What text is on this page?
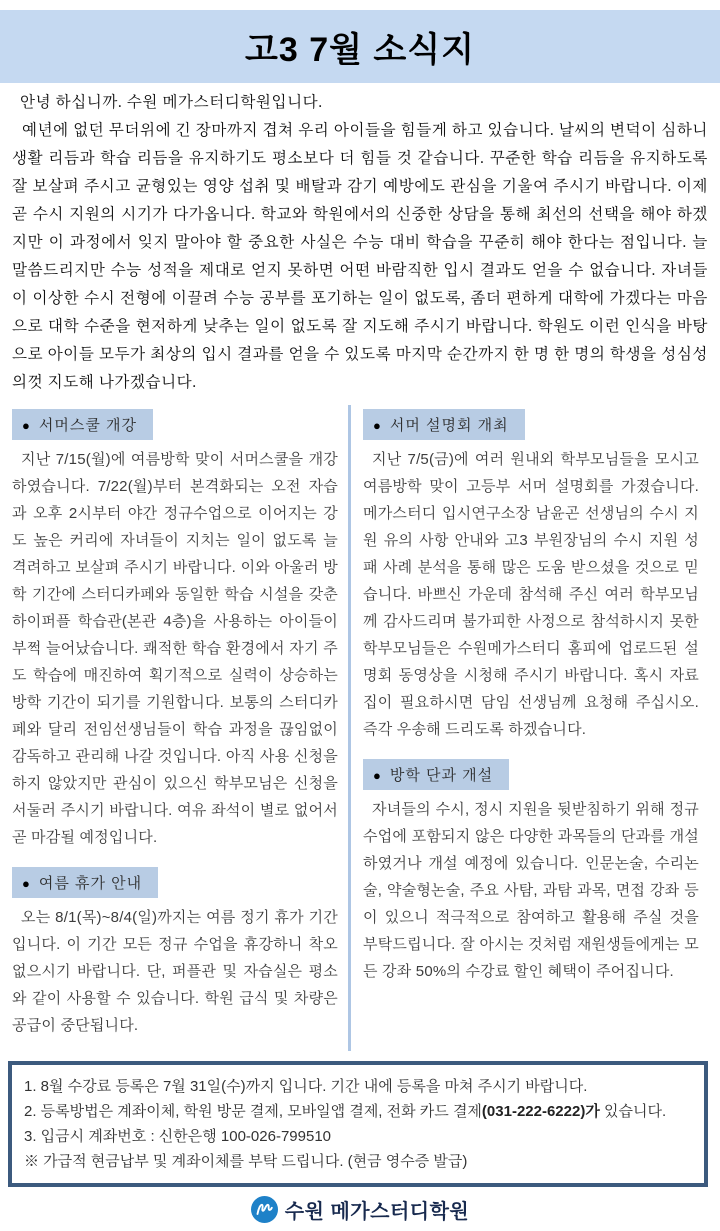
고3 7월 소식지
안녕 하십니까. 수원 메가스터디학원입니다.
예년에 없던 무더위에 긴 장마까지 겹쳐 우리 아이들을 힘들게 하고 있습니다. 날씨의 변덕이 심하니 생활 리듬과 학습 리듬을 유지하기도 평소보다 더 힘들 것 같습니다. 꾸준한 학습 리듬을 유지하도록 잘 보살펴 주시고 균형있는 영양 섭취 및 배탈과 감기 예방에도 관심을 기울여 주시기 바랍니다. 이제 곧 수시 지원의 시기가 다가옵니다. 학교와 학원에서의 신중한 상담을 통해 최선의 선택을 해야 하겠지만 이 과정에서 잊지 말아야 할 중요한 사실은 수능 대비 학습을 꾸준히 해야 한다는 점입니다. 늘 말씀드리지만 수능 성적을 제대로 얻지 못하면 어떤 바람직한 입시 결과도 얻을 수 없습니다. 자녀들이 이상한 수시 전형에 이끌려 수능 공부를 포기하는 일이 없도록, 좀더 편하게 대학에 가겠다는 마음으로 대학 수준을 현저하게 낮추는 일이 없도록 잘 지도해 주시기 바랍니다. 학원도 이런 인식을 바탕으로 아이들 모두가 최상의 입시 결과를 얻을 수 있도록 마지막 순간까지 한 명 한 명의 학생을 성심성의껏 지도해 나가겠습니다.
● 서머스쿨 개강
지난 7/15(월)에 여름방학 맞이 서머스쿨을 개강하였습니다. 7/22(월)부터 본격화되는 오전 자습 과 오후 2시부터 야간 정규수업으로 이어지는 강도 높은 커리에 자녀들이 지치는 일이 없도록 늘 격려하고 보살펴 주시기 바랍니다. 이와 아울러 방학 기간에 스터디카페와 동일한 학습 시설을 갖춘 하이퍼플 학습관(본관 4층)을 사용하는 아이들이 부쩍 늘어났습니다. 쾌적한 학습 환경에서 자기 주도 학습에 매진하여 획기적으로 실력이 상승하는 방학 기간이 되기를 기원합니다. 보통의 스터디카페와 달리 전임선생님들이 학습 과정을 끊임없이 감독하고 관리해 나갈 것입니다. 아직 사용 신청을 하지 않았지만 관심이 있으신 학부모님은 신청을 서둘러 주시기 바랍니다. 여유 좌석이 별로 없어서 곧 마감될 예정입니다.
● 여름 휴가 안내
오는 8/1(목)~8/4(일)까지는 여름 정기 휴가 기간입니다. 이 기간 모든 정규 수업을 휴강하니 착오 없으시기 바랍니다. 단, 퍼플관 및 자습실은 평소와 같이 사용할 수 있습니다. 학원 급식 및 차량은 공급이 중단됩니다.
● 서머 설명회 개최
지난 7/5(금)에 여러 원내외 학부모님들을 모시고 여름방학 맞이 고등부 서머 설명회를 가졌습니다. 메가스터디 입시연구소장 남윤곤 선생님의 수시 지원 유의 사항 안내와 고3 부원장님의 수시 지원 성패 사례 분석을 통해 많은 도움 받으셨을 것으로 믿습니다. 바쁘신 가운데 참석해 주신 여러 학부모님께 감사드리며 불가피한 사정으로 참석하시지 못한 학부모님들은 수원메가스터디 홈피에 업로드된 설명회 동영상을 시청해 주시기 바랍니다. 혹시 자료집이 필요하시면 담임 선생님께 요청해 주십시오. 즉각 우송해 드리도록 하겠습니다.
● 방학 단과 개설
자녀들의 수시, 정시 지원을 뒷받침하기 위해 정규 수업에 포함되지 않은 다양한 과목들의 단과를 개설하였거나 개설 예정에 있습니다. 인문논술, 수리논술, 약술형논술, 주요 사탐, 과탐 과목, 면접 강좌 등이 있으니 적극적으로 참여하고 활용해 주실 것을 부탁드립니다. 잘 아시는 것처럼 재원생들에게는 모든 강좌 50%의 수강료 할인 혜택이 주어집니다.
1. 8월 수강료 등록은 7월 31일(수)까지 입니다. 기간 내에 등록을 마쳐 주시기 바랍니다.
2. 등록방법은 계좌이체, 학원 방문 결제, 모바일앱 결제, 전화 카드 결제(031-222-6222)가 있습니다.
3. 입금시 계좌번호 : 신한은행 100-026-799510
※ 가급적 현금납부 및 계좌이체를 부탁 드립니다. (현금 영수증 발급)
수원 메가스터디학원
